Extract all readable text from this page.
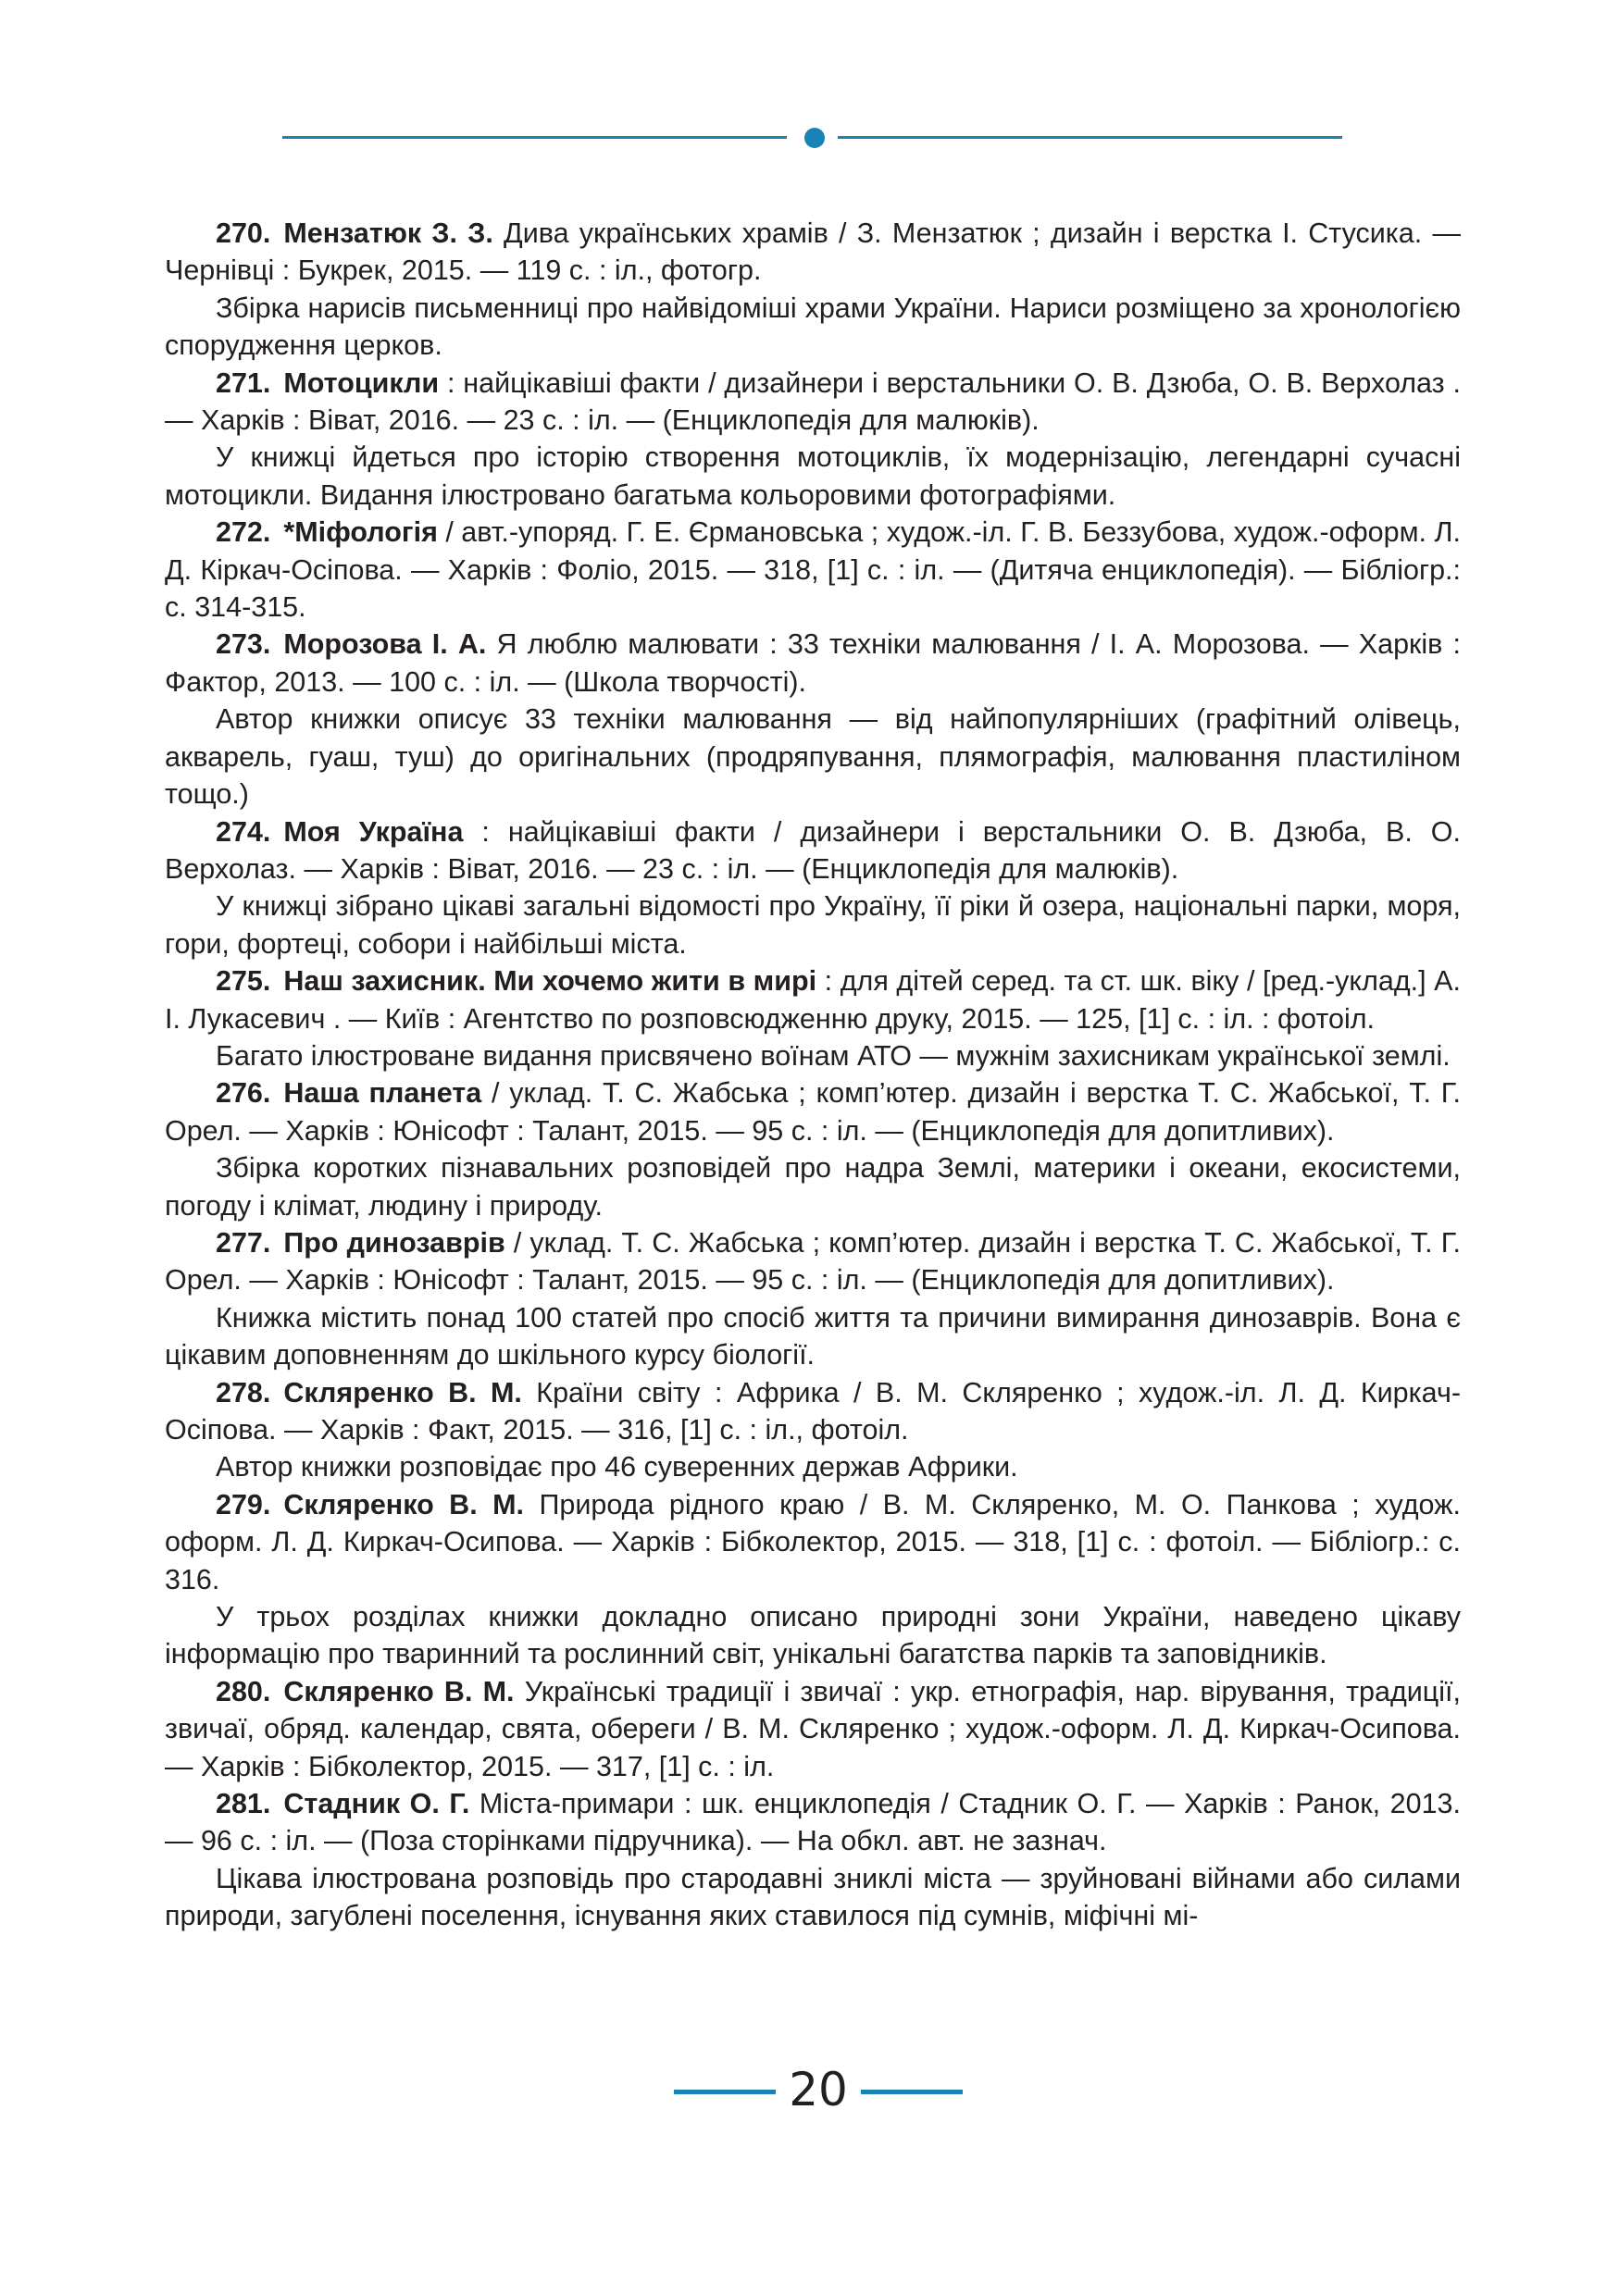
270. Мензатюк З. З. Дива українських храмів / З. Мензатюк ; дизайн і верстка І. Стусика. — Чернівці : Букрек, 2015. — 119 с. : іл., фотогр.

Збірка нарисів письменниці про найвідоміші храми України. Нариси розміщено за хронологією спорудження церков.

271. Мотоцикли : найцікавіші факти / дизайнери і верстальники О. В. Дзюба, О. В. Верхолаз . — Харків : Віват, 2016. — 23 с. : іл. — (Енциклопедія для малюків).

У книжці йдеться про історію створення мотоциклів, їх модернізацію, легендарні сучасні мотоцикли. Видання ілюстровано багатьма кольоровими фотографіями.

272. *Міфологія / авт.-упоряд. Г. Е. Єрмановська ; худож.-іл. Г. В. Беззубова, худож.-оформ. Л. Д. Кіркач-Осіпова. — Харків : Фоліо, 2015. — 318, [1] с. : іл. — (Дитяча енциклопедія). — Бібліогр.: с. 314-315.

273. Морозова І. А. Я люблю малювати : 33 техніки малювання / І. А. Морозова. — Харків : Фактор, 2013. — 100 с. : іл. — (Школа творчості).

Автор книжки описує 33 техніки малювання — від найпопулярніших (графітний олівець, акварель, гуаш, туш) до оригінальних (продряпування, плямографія, малювання пластиліном тощо.)

274. Моя Україна : найцікавіші факти / дизайнери і верстальники О. В. Дзюба, В. О. Верхолаз. — Харків : Віват, 2016. — 23 с. : іл. — (Енциклопедія для малюків).

У книжці зібрано цікаві загальні відомості про Україну, її ріки й озера, національні парки, моря, гори, фортеці, собори і найбільші міста.

275. Наш захисник. Ми хочемо жити в мирі : для дітей серед. та ст. шк. віку / [ред.-уклад.] А. І. Лукасевич . — Київ : Агентство по розповсюдженню друку, 2015. — 125, [1] с. : іл. : фотоіл.

Багато ілюстроване видання присвячено воїнам АТО — мужнім захисникам української землі.

276. Наша планета / уклад. Т. С. Жабська ; комп’ютер. дизайн і верстка Т. С. Жабської, Т. Г. Орел. — Харків : Юнісофт : Талант, 2015. — 95 с. : іл. — (Енциклопедія для допитливих).

Збірка коротких пізнавальних розповідей про надра Землі, материки і океани, екосистеми, погоду і клімат, людину і природу.

277. Про динозаврів / уклад. Т. С. Жабська ; комп’ютер. дизайн і верстка Т. С. Жабської, Т. Г. Орел. — Харків : Юнісофт : Талант, 2015. — 95 с. : іл. — (Енциклопедія для допитливих).

Книжка містить понад 100 статей про спосіб життя та причини вимирання динозаврів. Вона є цікавим доповненням до шкільного курсу біології.

278. Скляренко В. М. Країни світу : Африка / В. М. Скляренко ; худож.-іл. Л. Д. Киркач-Осіпова. — Харків : Факт, 2015. — 316, [1] с. : іл., фотоіл.

Автор книжки розповідає про 46 суверенних держав Африки.

279. Скляренко В. М. Природа рідного краю / В. М. Скляренко, М. О. Панкова ; худож. оформ. Л. Д. Киркач-Осипова. — Харків : Бібколектор, 2015. — 318, [1] с. : фотоіл. — Бібліогр.: с. 316.

У трьох розділах книжки докладно описано природні зони України, наведено цікаву інформацію про тваринний та рослинний світ, унікальні багатства парків та заповідників.

280. Скляренко В. М. Українські традиції і звичаї : укр. етнографія, нар. вірування, традиції, звичаї, обряд. календар, свята, обереги / В. М. Скляренко ; худож.-оформ. Л. Д. Киркач-Осипова. — Харків : Бібколектор, 2015. — 317, [1] с. : іл.

281. Стадник О. Г. Міста-примари : шк. енциклопедія / Стадник О. Г. — Харків : Ранок, 2013. — 96 с. : іл. — (Поза сторінками підручника). — На обкл. авт. не зазнач.

Цікава ілюстрована розповідь про стародавні зниклі міста — зруйновані війнами або силами природи, загублені поселення, існування яких ставилося під сумнів, міфічні мі-

20
